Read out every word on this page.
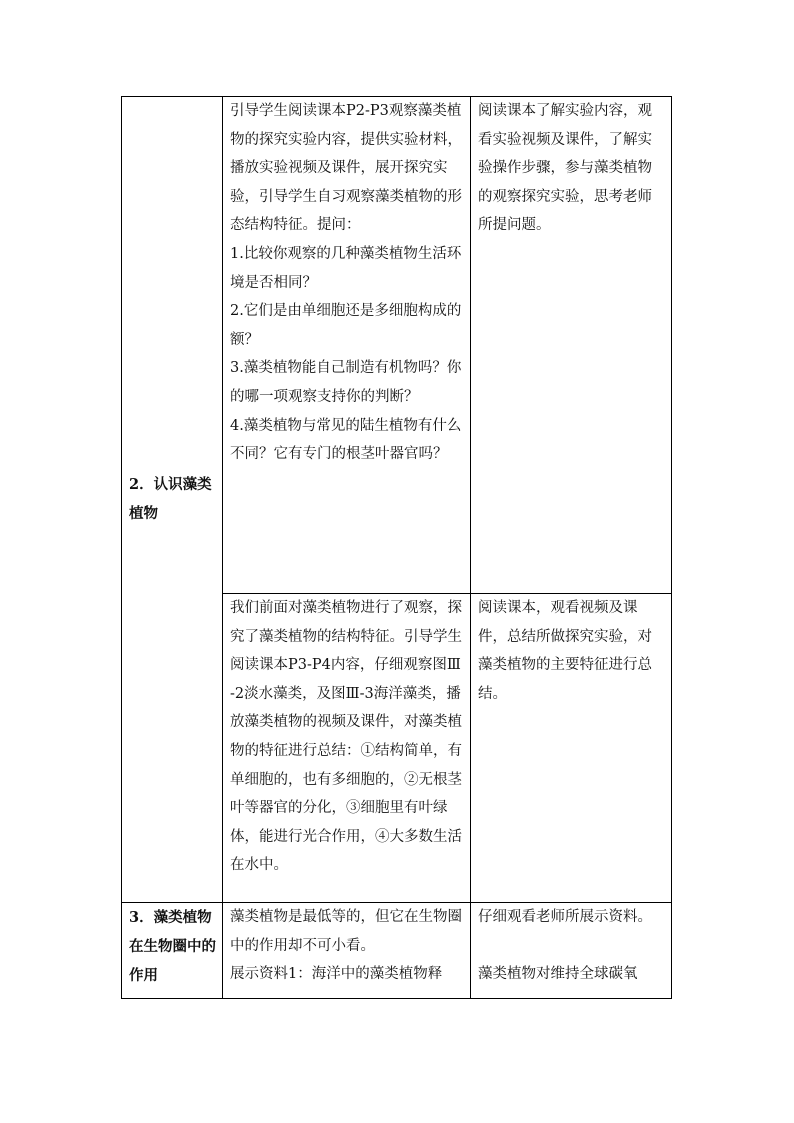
2．认识藻类植物	引导学生阅读课本P2-P3观察藻类植物的探究实验内容，提供实验材料，播放实验视频及课件，展开探究实验，引导学生自习观察藻类植物的形态结构特征。提问：
1.比较你观察的几种藻类植物生活环境是否相同？
2.它们是由单细胞还是多细胞构成的额？
3.藻类植物能自己制造有机物吗？你的哪一项观察支持你的判断？
4.藻类植物与常见的陆生植物有什么不同？它有专门的根茎叶器官吗？	阅读课本了解实验内容，观看实验视频及课件，了解实验操作步骤，参与藻类植物的观察探究实验，思考老师所提问题。

	我们前面对藻类植物进行了观察，探究了藻类植物的结构特征。引导学生阅读课本P3-P4内容，仔细观察图Ⅲ-2淡水藻类，及图Ⅲ-3海洋藻类，播放藻类植物的视频及课件，对藻类植物的特征进行总结：①结构简单，有单细胞的，也有多细胞的，②无根茎叶等器官的分化，③细胞里有叶绿体，能进行光合作用，④大多数生活在水中。	阅读课本，观看视频及课件，总结所做探究实验，对藻类植物的主要特征进行总结。

3．藻类植物在生物圈中的作用	藻类植物是最低等的，但它在生物圈中的作用却不可小看。
展示资料1：海洋中的藻类植物释	仔细观看老师所展示资料。
藻类植物对维持全球碳氧
